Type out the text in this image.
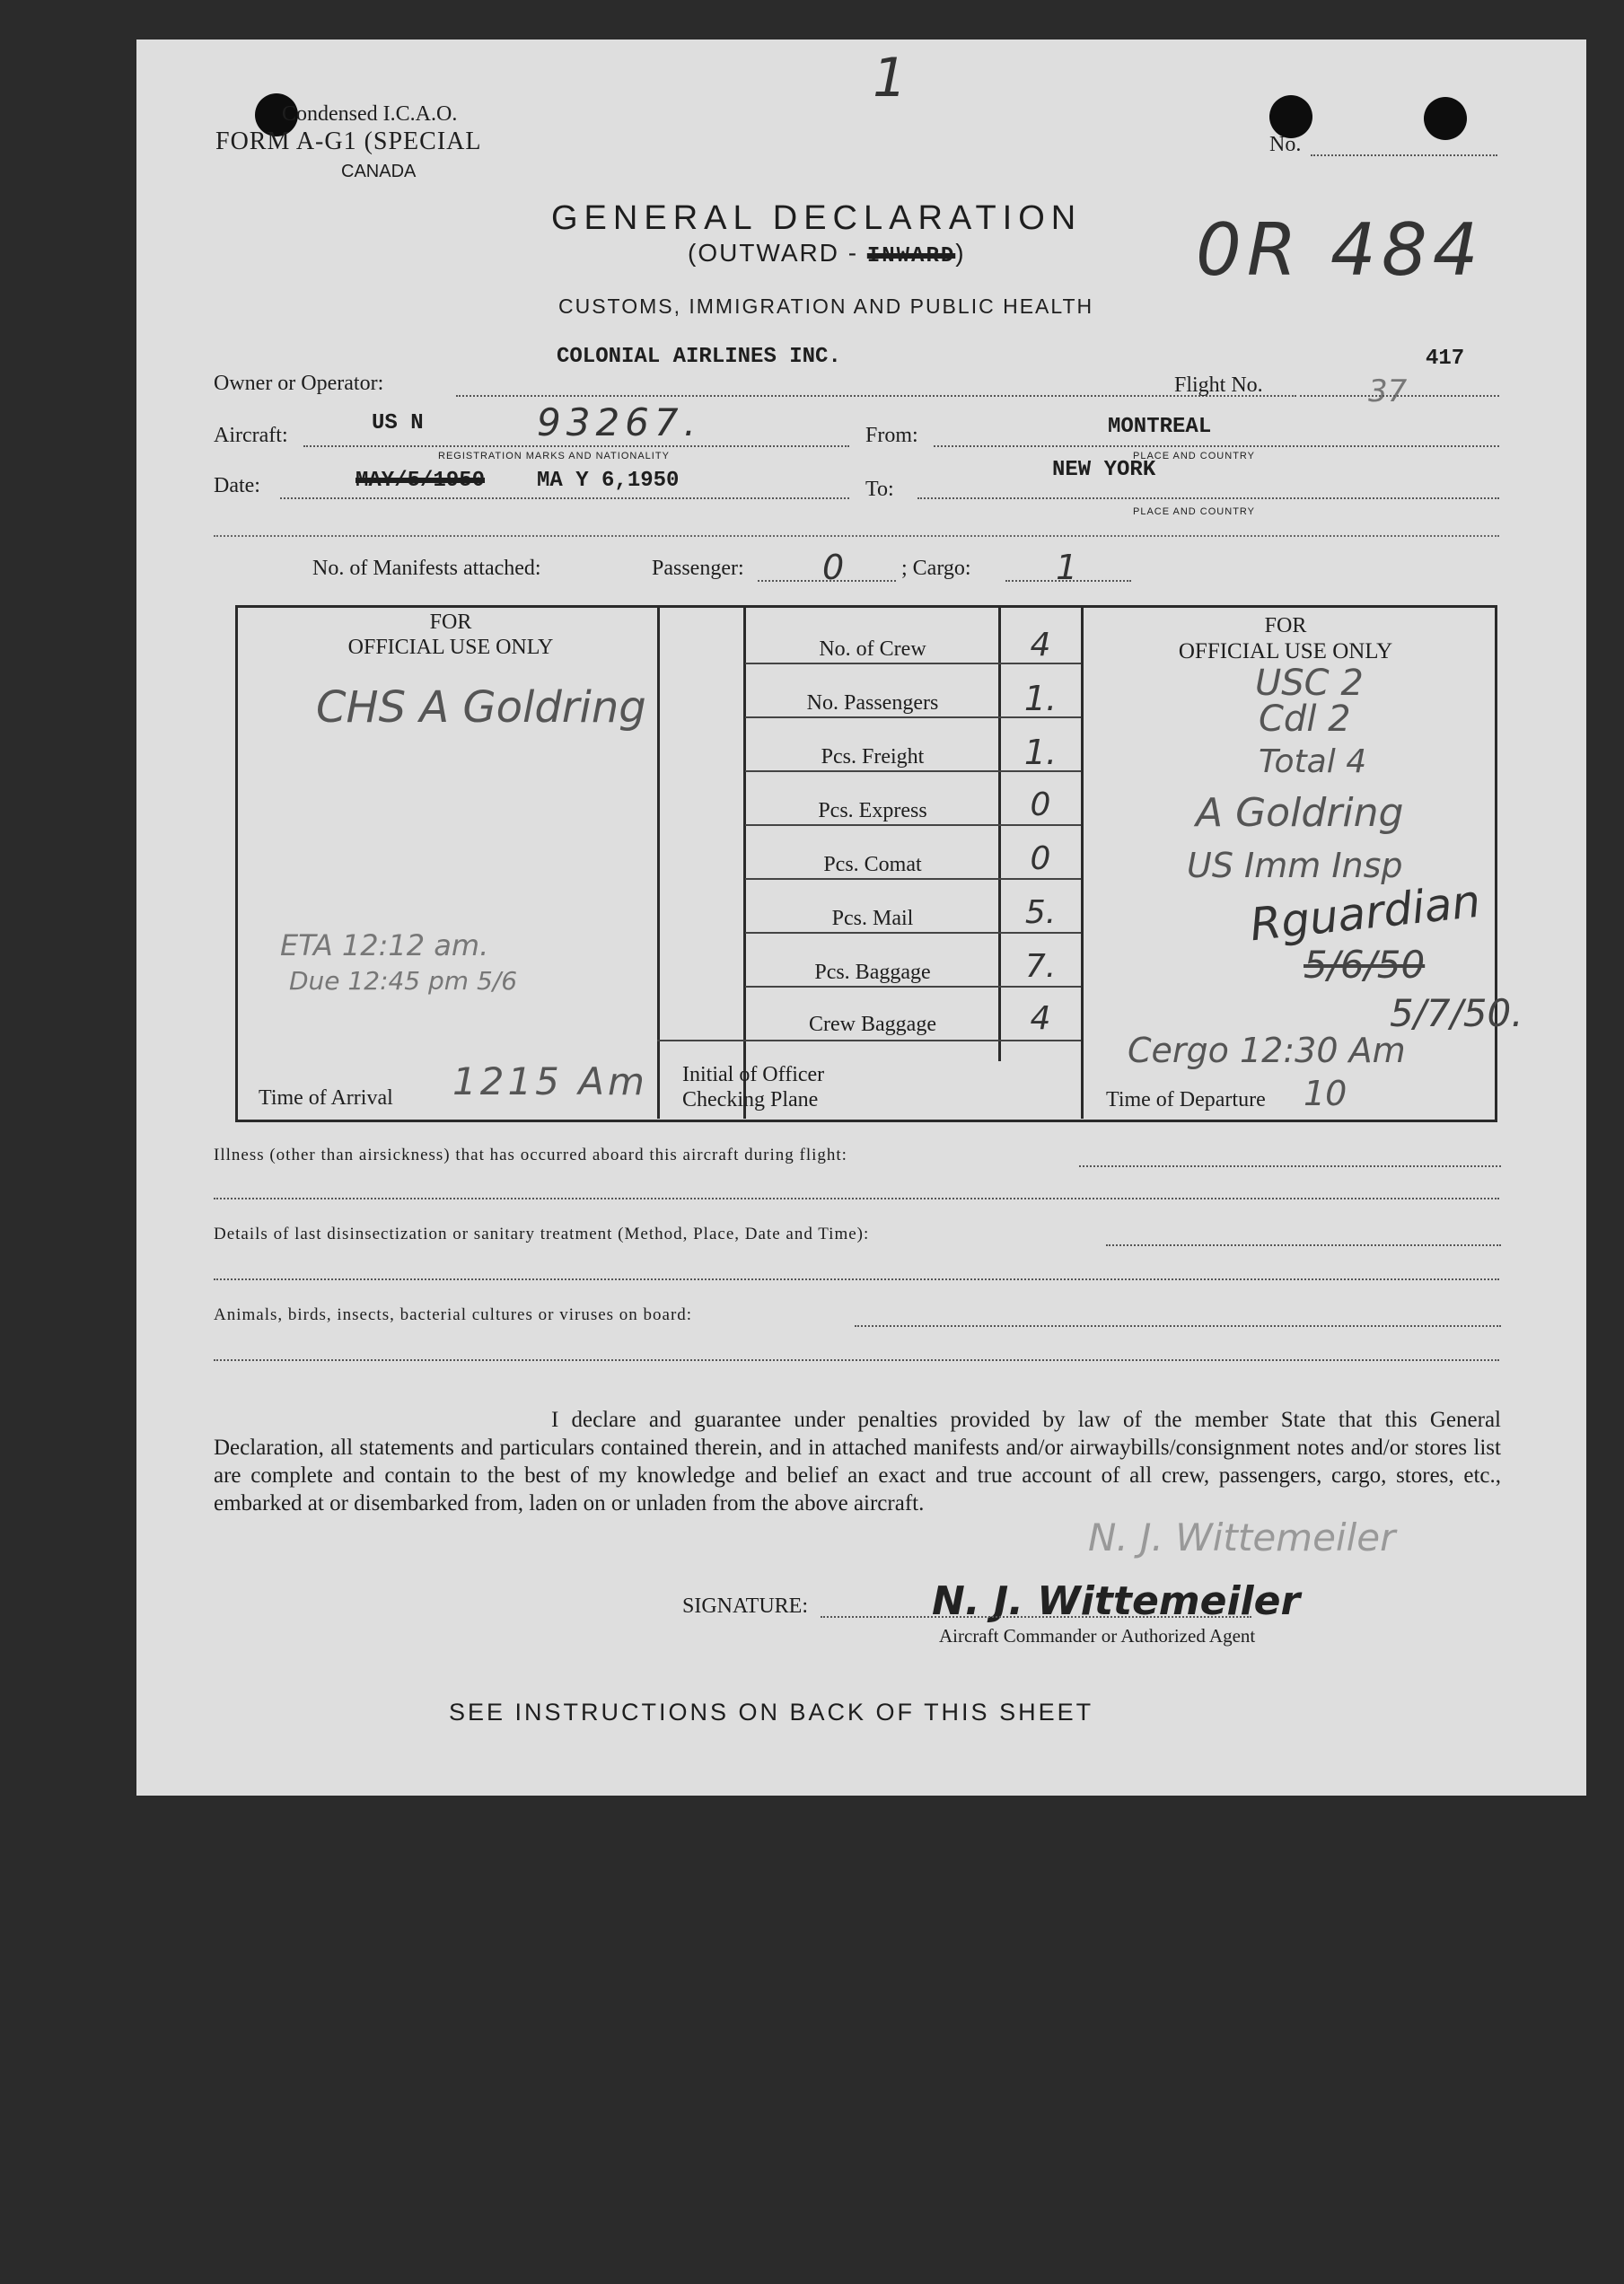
1
Condensed I.C.A.O.
FORM A-G1 (SPECIAL
CANADA
No.
GENERAL DECLARATION
(OUTWARD - INWARD)	0R 484
CUSTOMS, IMMIGRATION AND PUBLIC HEALTH
COLONIAL AIRLINES INC.
Owner or Operator:
417
Flight No.	37
Aircraft:	US N	93267.
REGISTRATION MARKS AND NATIONALITY
From:	MONTREAL
PLACE AND COUNTRY
Date:	MAY/5/1950 MA Y 6,1950	To:
NEW YORK
PLACE AND COUNTRY
No. of Manifests attached:	Passenger: 0	; Cargo: 1
FOR
OFFICIAL USE ONLY
CHS A Goldring
ETA 12:12 am.
Due 12:45 pm 5/6
Time of Arrival 1215 Am Initial of Officer
Checking Plane
No. of Crew	4
No. Passengers	1.
Pcs. Freight	1.
Pcs. Express	0
Pcs. Comat	0
Pcs. Mail	5.
Pcs. Baggage	7.
Crew Baggage	4
FOR
OFFICIAL USE ONLY
USC 2
Cdl 2
Total 4
A Goldring
US Imm Insp
Rguardian
5/6/50
5/7/50.
Cergo 12:30 Am
Time of Departure 10
Illness (other than airsickness) that has occurred aboard this aircraft during flight:
Details of last disinsectization or sanitary treatment (Method, Place, Date and Time):
Animals, birds, insects, bacterial cultures or viruses on board:
I declare and guarantee under penalties provided by law of the member State that this General Declaration, all statements and particulars contained therein, and in attached manifests and/or airwaybills/consignment notes and/or stores list are complete and contain to the best of my knowledge and belief an exact and true account of all crew, passengers, cargo, stores, etc., embarked at or disembarked from, laden on or unladen from the above aircraft.
N. J. Wittemeiler
SIGNATURE:	N. J. Wittemeiler
Aircraft Commander or Authorized Agent
SEE INSTRUCTIONS ON BACK OF THIS SHEET
